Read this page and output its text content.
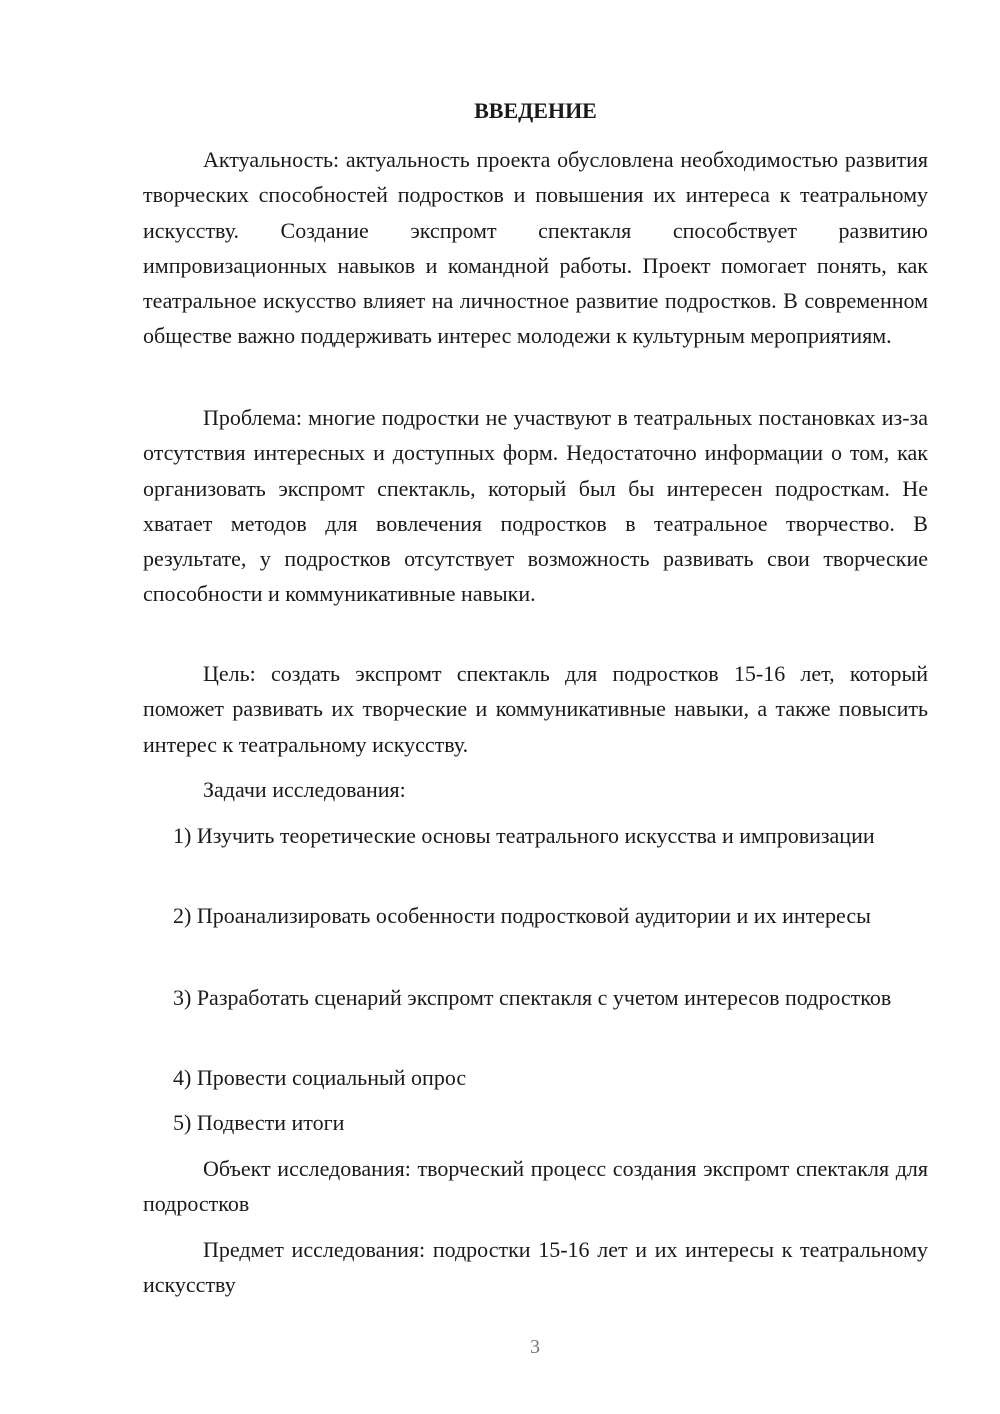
ВВЕДЕНИЕ

Актуальность: актуальность проекта обусловлена необходимостью развития творческих способностей подростков и повышения их интереса к театральному искусству. Создание экспромт спектакля способствует развитию импровизационных навыков и командной работы. Проект помогает понять, как театральное искусство влияет на личностное развитие подростков. В современном обществе важно поддерживать интерес молодежи к культурным мероприятиям.

Проблема: многие подростки не участвуют в театральных постановках из-за отсутствия интересных и доступных форм. Недостаточно информации о том, как организовать экспромт спектакль, который был бы интересен подросткам. Не хватает методов для вовлечения подростков в театральное творчество. В результате, у подростков отсутствует возможность развивать свои творческие способности и коммуникативные навыки.

Цель: создать экспромт спектакль для подростков 15-16 лет, который поможет развивать их творческие и коммуникативные навыки, а также повысить интерес к театральному искусству.

Задачи исследования:

1) Изучить теоретические основы театрального искусства и импровизации

2) Проанализировать особенности подростковой аудитории и их интересы

3) Разработать сценарий экспромт спектакля с учетом интересов подростков

4) Провести социальный опрос

5) Подвести итоги

Объект исследования: творческий процесс создания экспромт спектакля для подростков

Предмет исследования: подростки 15-16 лет и их интересы к театральному искусству

3
